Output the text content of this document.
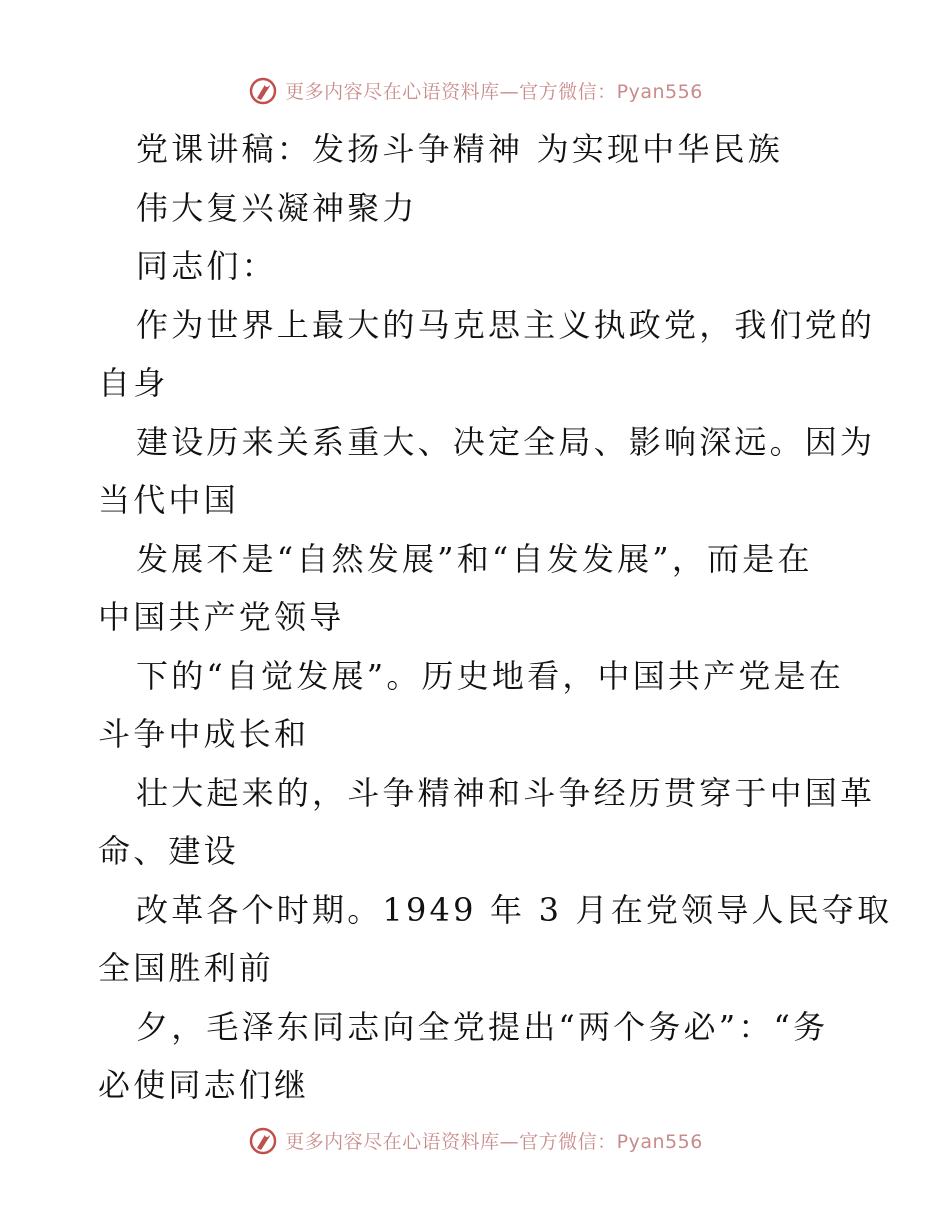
更多内容尽在心语资料库—官方微信：Pyan556
党课讲稿：发扬斗争精神 为实现中华民族
伟大复兴凝神聚力
同志们：
作为世界上最大的马克思主义执政党，我们党的
自身
建设历来关系重大、决定全局、影响深远。因为
当代中国
发展不是“自然发展”和“自发发展”，而是在
中国共产党领导
下的“自觉发展”。历史地看，中国共产党是在
斗争中成长和
壮大起来的，斗争精神和斗争经历贯穿于中国革
命、建设
改革各个时期。1949 年 3 月在党领导人民夺取
全国胜利前
夕，毛泽东同志向全党提出“两个务必”：“务
必使同志们继
更多内容尽在心语资料库—官方微信：Pyan556
